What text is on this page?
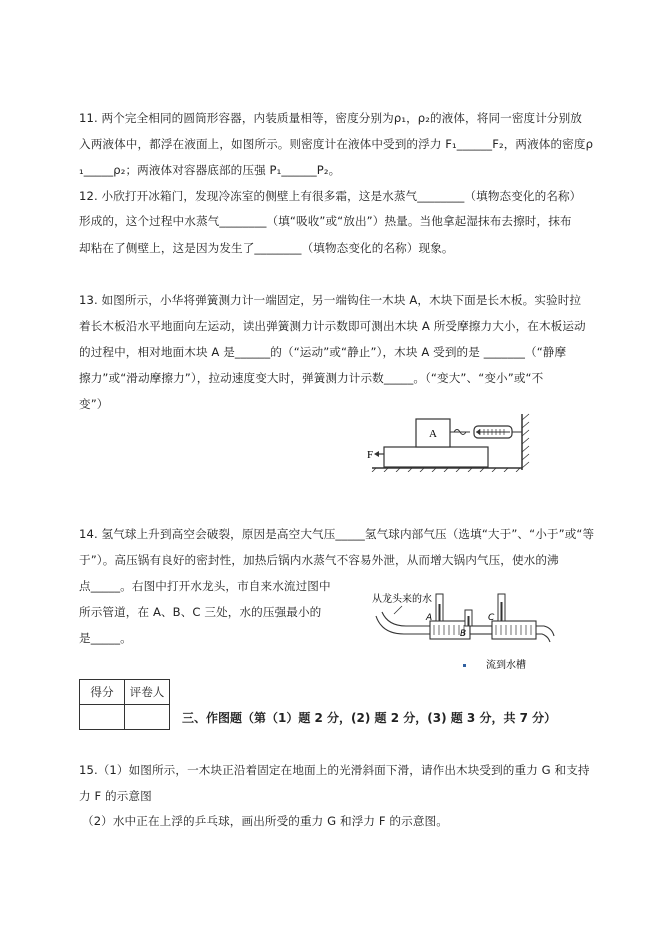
11. 两个完全相同的圆筒形容器，内装质量相等，密度分别为ρ₁，ρ₂的液体，将同一密度计分别放
入两液体中，都浮在液面上，如图所示。则密度计在液体中受到的浮力 F₁______F₂，两液体的密度ρ
₁_____ρ₂；两液体对容器底部的压强 P₁______P₂。
12. 小欣打开冰箱门，发现冷冻室的侧壁上有很多霜，这是水蒸气________（填物态变化的名称）
形成的，这个过程中水蒸气________（填“吸收”或“放出”）热量。当他拿起湿抹布去擦时，抹布
却粘在了侧壁上，这是因为发生了________（填物态变化的名称）现象。
13. 如图所示，小华将弹簧测力计一端固定，另一端钩住一木块 A，木块下面是长木板。实验时拉
着长木板沿水平地面向左运动，读出弹簧测力计示数即可测出木块 A 所受摩擦力大小，在木板运动
的过程中，相对地面木块 A 是______的（“运动”或“静止”），木块 A 受到的是 _______（“静摩
擦力”或“滑动摩擦力”），拉动速度变大时，弹簧测力计示数_____。（“变大”、“变小”或“不
变”）
A
F
14. 氢气球上升到高空会破裂，原因是高空大气压_____氢气球内部气压（选填“大于”、“小于”或“等
于”）。高压锅有良好的密封性，加热后锅内水蒸气不容易外泄，从而增大锅内气压，使水的沸
点_____。右图中打开水龙头，市自来水流过图中
所示管道，在 A、B、C 三处，水的压强最小的
是_____。
从龙头来的水
A
B
C
流到水槽
得分	评卷人

三、作图题（第（1）题 2 分，(2) 题 2 分，(3) 题 3 分，共 7 分）
15.（1）如图所示，一木块正沿着固定在地面上的光滑斜面下滑，请作出木块受到的重力 G 和支持
力 F 的示意图
（2）水中正在上浮的乒乓球，画出所受的重力 G 和浮力 F 的示意图。
